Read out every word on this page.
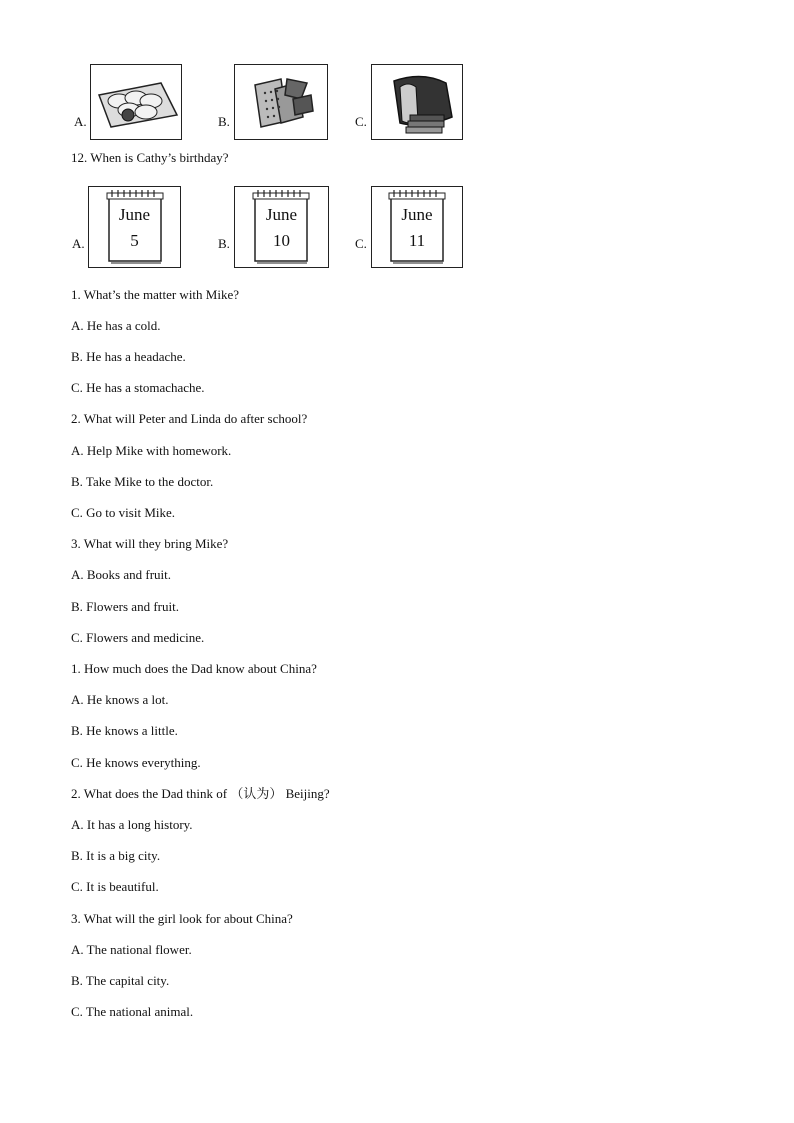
A.	B.	C.
12. When is Cathy’s birthday?
A.
June
5	B.
June
10	C.
June
11
1. What’s the matter with Mike?
A. He has a cold.
B. He has a headache.
C. He has a stomachache.
2. What will Peter and Linda do after school?
A. Help Mike with homework.
B. Take Mike to the doctor.
C. Go to visit Mike.
3. What will they bring Mike?
A. Books and fruit.
B. Flowers and fruit.
C. Flowers and medicine.
1. How much does the Dad know about China?
A. He knows a lot.
B. He knows a little.
C. He knows everything.
2. What does the Dad think of （认为） Beijing?
A. It has a long history.
B. It is a big city.
C. It is beautiful.
3. What will the girl look for about China?
A. The national flower.
B. The capital city.
C. The national animal.
